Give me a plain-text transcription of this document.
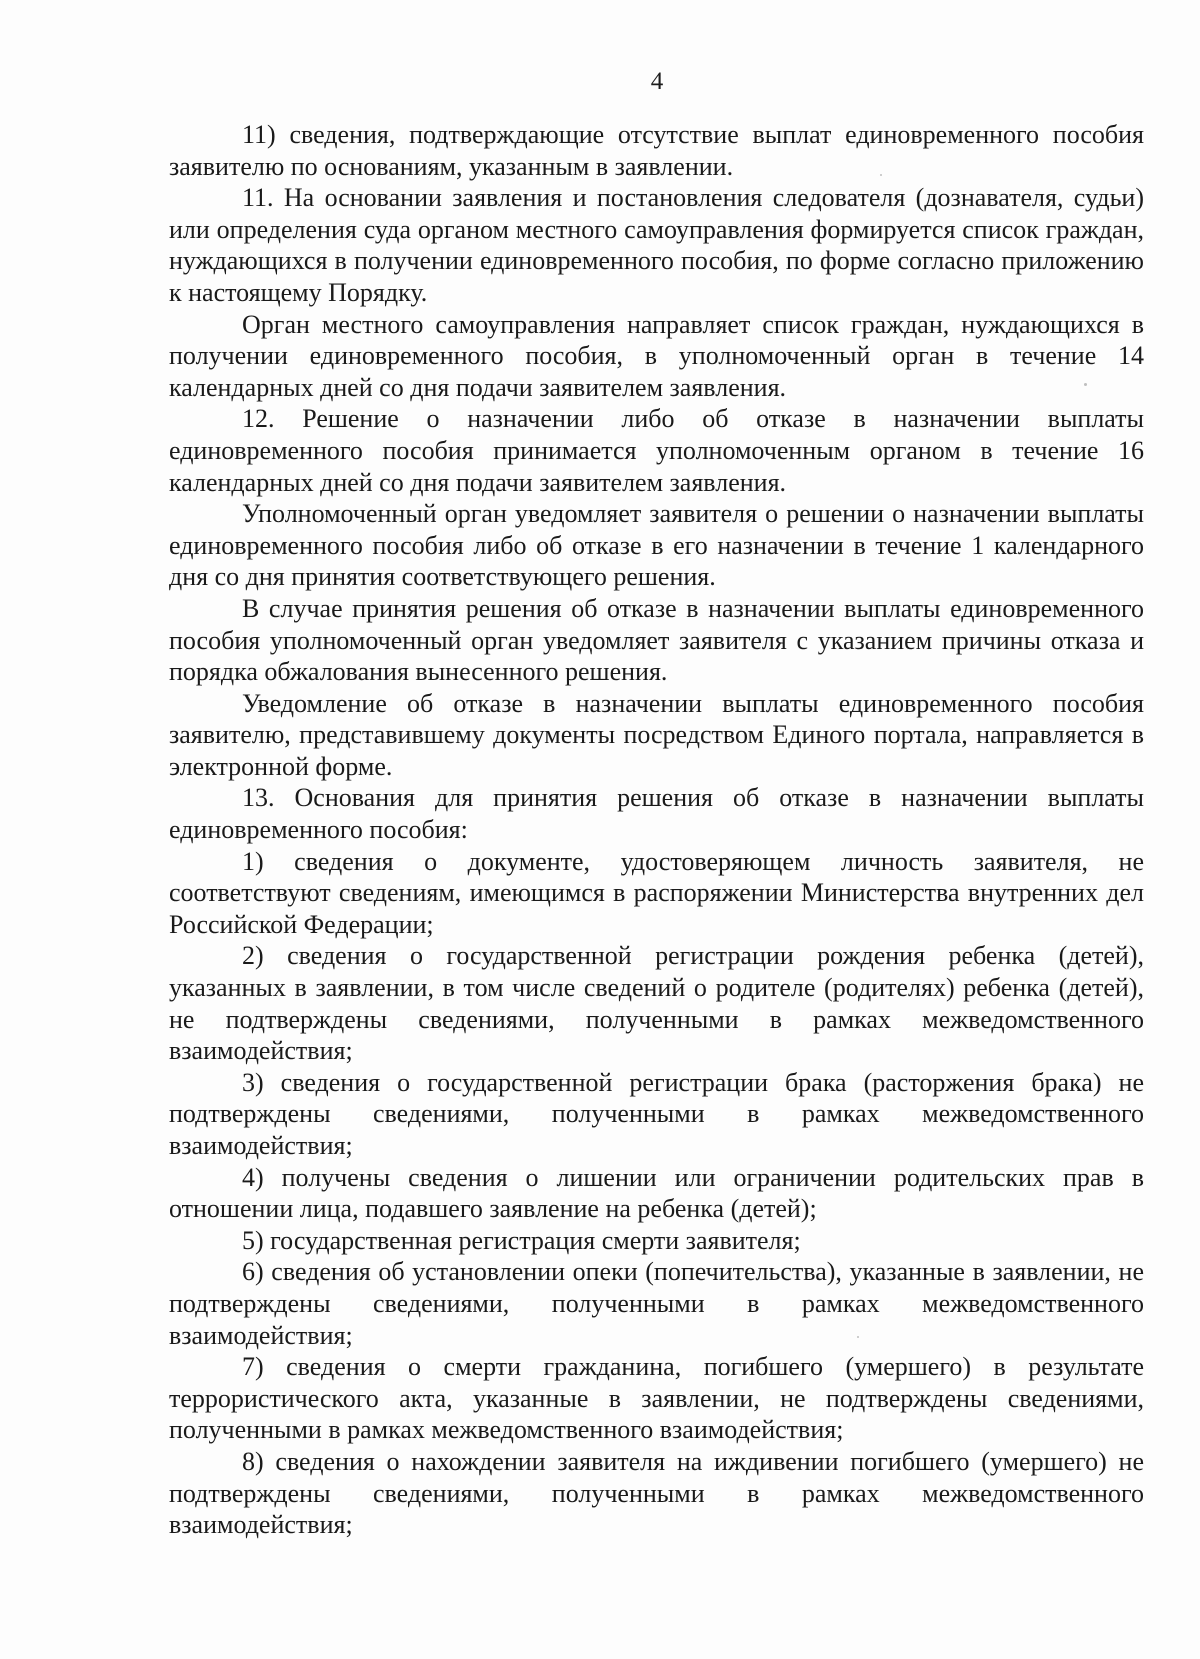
4

11) сведения, подтверждающие отсутствие выплат единовременного пособия заявителю по основаниям, указанным в заявлении.

11. На основании заявления и постановления следователя (дознавателя, судьи) или определения суда органом местного самоуправления формируется список граждан, нуждающихся в получении единовременного пособия, по форме согласно приложению к настоящему Порядку.

Орган местного самоуправления направляет список граждан, нуждающихся в получении единовременного пособия, в уполномоченный орган в течение 14 календарных дней со дня подачи заявителем заявления.

12. Решение о назначении либо об отказе в назначении выплаты единовременного пособия принимается уполномоченным органом в течение 16 календарных дней со дня подачи заявителем заявления.

Уполномоченный орган уведомляет заявителя о решении о назначении выплаты единовременного пособия либо об отказе в его назначении в течение 1 календарного дня со дня принятия соответствующего решения.

В случае принятия решения об отказе в назначении выплаты единовременного пособия уполномоченный орган уведомляет заявителя с указанием причины отказа и порядка обжалования вынесенного решения.

Уведомление об отказе в назначении выплаты единовременного пособия заявителю, представившему документы посредством Единого портала, направляется в электронной форме.

13. Основания для принятия решения об отказе в назначении выплаты единовременного пособия:

1) сведения о документе, удостоверяющем личность заявителя, не соответствуют сведениям, имеющимся в распоряжении Министерства внутренних дел Российской Федерации;

2) сведения о государственной регистрации рождения ребенка (детей), указанных в заявлении, в том числе сведений о родителе (родителях) ребенка (детей), не подтверждены сведениями, полученными в рамках межведомственного взаимодействия;

3) сведения о государственной регистрации брака (расторжения брака) не подтверждены сведениями, полученными в рамках межведомственного взаимодействия;

4) получены сведения о лишении или ограничении родительских прав в отношении лица, подавшего заявление на ребенка (детей);

5) государственная регистрация смерти заявителя;

6) сведения об установлении опеки (попечительства), указанные в заявлении, не подтверждены сведениями, полученными в рамках межведомственного взаимодействия;

7) сведения о смерти гражданина, погибшего (умершего) в результате террористического акта, указанные в заявлении, не подтверждены сведениями, полученными в рамках межведомственного взаимодействия;

8) сведения о нахождении заявителя на иждивении погибшего (умершего) не подтверждены сведениями, полученными в рамках межведомственного взаимодействия;
